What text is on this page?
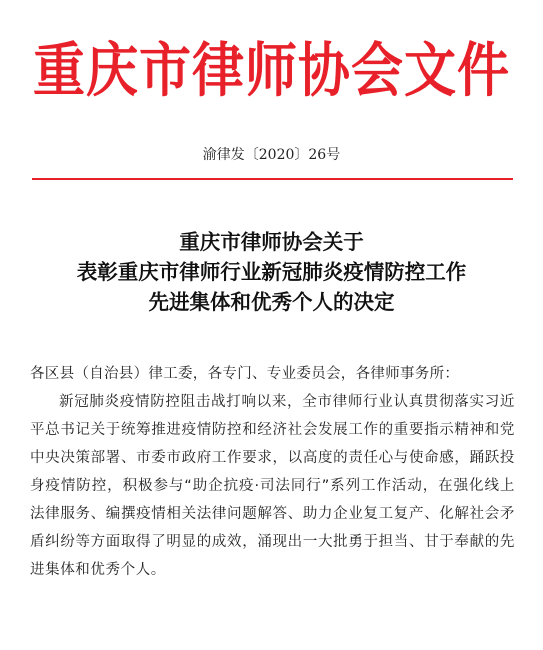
重庆市律师协会文件
渝律发〔2020〕26号
重庆市律师协会关于
表彰重庆市律师行业新冠肺炎疫情防控工作
先进集体和优秀个人的决定
各区县（自治县）律工委，各专门、专业委员会，各律师事务所：
新冠肺炎疫情防控阻击战打响以来，全市律师行业认真贯彻落实习近平总书记关于统筹推进疫情防控和经济社会发展工作的重要指示精神和党中央决策部署、市委市政府工作要求，以高度的责任心与使命感，踊跃投身疫情防控，积极参与“助企抗疫·司法同行”系列工作活动，在强化线上法律服务、编撰疫情相关法律问题解答、助力企业复工复产、化解社会矛盾纠纷等方面取得了明显的成效，涌现出一大批勇于担当、甘于奉献的先进集体和优秀个人。
